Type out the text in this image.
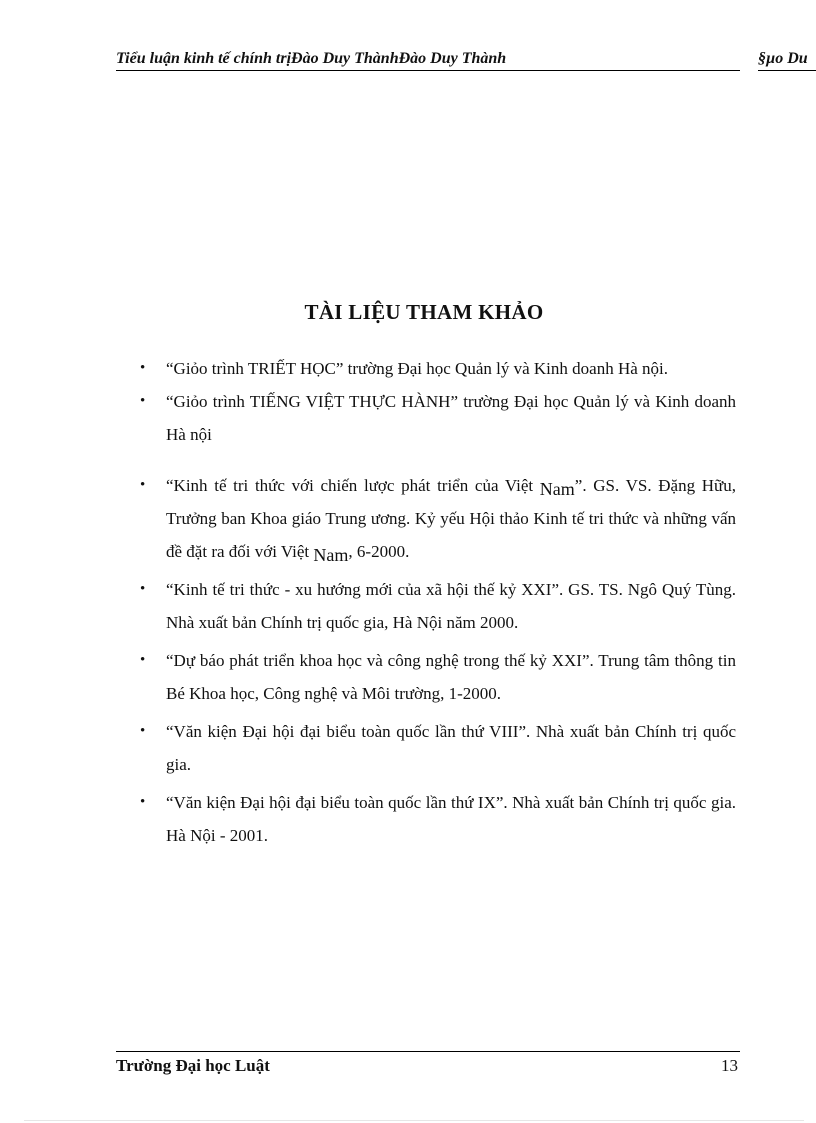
Tiểu luận kinh tế chính trịĐào Duy ThànhĐào Duy Thành	§µo Du
TÀI LIỆU THAM KHẢO
• “Giỏo trình TRIẾT HỌC” trường Đại học Quản lý và Kinh doanh Hà nội.
• “Giỏo trình TIẾNG VIỆT THỰC HÀNH” trường Đại học Quản lý và Kinh doanh Hà nội
• “Kinh tế tri thức với chiến lược phát triển của Việt Nam”. GS. VS. Đặng Hữu, Trưởng ban Khoa giáo Trung ương. Kỷ yếu Hội thảo Kinh tế tri thức và những vấn đề đặt ra đối với Việt Nam, 6-2000.
• “Kinh tế tri thức - xu hướng mới của xã hội thế kỷ XXI”. GS. TS. Ngô Quý Tùng. Nhà xuất bản Chính trị quốc gia, Hà Nội năm 2000.
• “Dự báo phát triển khoa học và công nghệ trong thế kỷ XXI”. Trung tâm thông tin Bé Khoa học, Công nghệ và Môi trường, 1-2000.
• “Văn kiện Đại hội đại biểu toàn quốc lần thứ VIII”. Nhà xuất bản Chính trị quốc gia.
• “Văn kiện Đại hội đại biểu toàn quốc lần thứ IX”. Nhà xuất bản Chính trị quốc gia. Hà Nội - 2001.
Trường Đại học Luật	13
